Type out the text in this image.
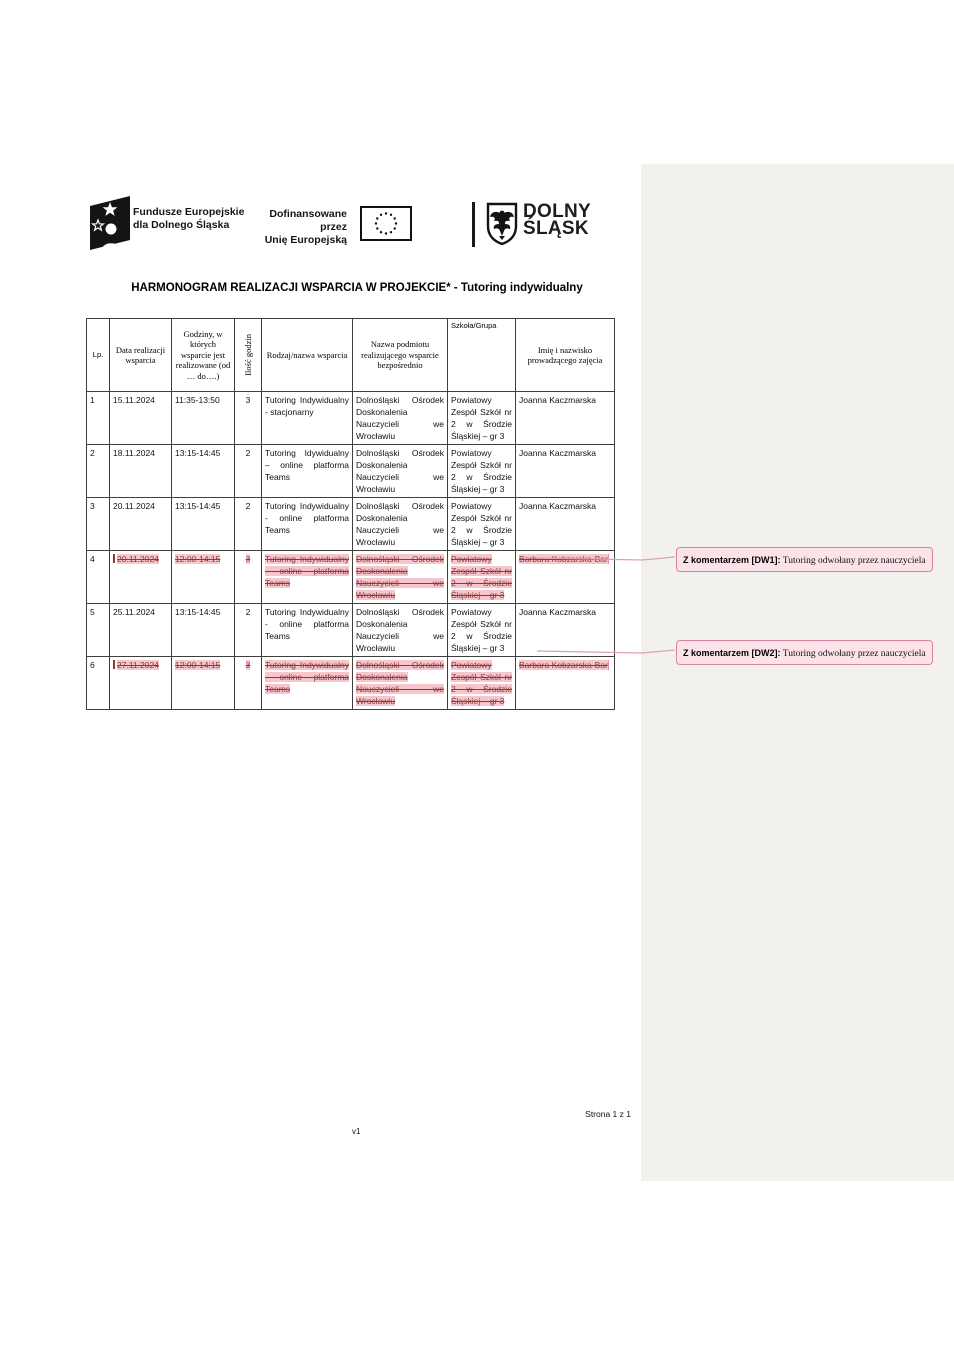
Fundusze Europejskie
dla Dolnego Śląska
Dofinansowane przez
Unię Europejską
DOLNY
ŚLĄSK
HARMONOGRAM REALIZACJI WSPARCIA W PROJEKCIE* - Tutoring indywidualny
Lp.	Data realizacji wsparcia	Godziny, w których wsparcie jest realizowane (od … do….)	Ilość godzin	Rodzaj/nazwa wsparcia	Nazwa podmiotu realizującego wsparcie bezpośrednio	Szkoła/Grupa	Imię i nazwisko prowadzącego zajęcia
1	15.11.2024	11:35-13:50	3	Tutoring Indywidualny - stacjonarny	Dolnośląski Ośrodek Doskonalenia Nauczycieli we Wrocławiu	Powiatowy Zespół Szkół nr 2 w Środzie Śląskiej – gr 3	Joanna Kaczmarska
2	18.11.2024	13:15-14:45	2	Tutoring Idywidualny – online platforma Teams	Dolnośląski Ośrodek Doskonalenia Nauczycieli we Wrocławiu	Powiatowy Zespół Szkół nr 2 w Środzie Śląskiej – gr 3	Joanna Kaczmarska
3	20.11.2024	13:15-14:45	2	Tutoring Indywidualny - online platforma Teams	Dolnośląski Ośrodek Doskonalenia Nauczycieli we Wrocławiu	Powiatowy Zespół Szkół nr 2 w Środzie Śląskiej – gr 3	Joanna Kaczmarska
4	20.11.2024	12:00-14:15	3	Tutoring Indywidualny - online platforma Teams	Dolnośląski Ośrodek Doskonalenia Nauczycieli we Wrocławiu	Powiatowy Zespół Szkół nr 2 w Środzie Śląskiej – gr 3	Barbara Kobzarska-Bar
5	25.11.2024	13:15-14:45	2	Tutoring Indywidualny - online platforma Teams	Dolnośląski Ośrodek Doskonalenia Nauczycieli we Wrocławiu	Powiatowy Zespół Szkół nr 2 w Środzie Śląskiej – gr 3	Joanna Kaczmarska
6	27.11.2024	12:00-14:15	3	Tutoring Indywidualny - online platforma Teams	Dolnośląski Ośrodek Doskonalenia Nauczycieli we Wrocławiu	Powiatowy Zespół Szkół nr 2 w Środzie Śląskiej – gr 3	Barbara Kobzarska-Bar
Z komentarzem [DW1]: Tutoring odwołany przez nauczyciela
Z komentarzem [DW2]: Tutoring odwołany przez nauczyciela
Strona 1 z 1
v1
